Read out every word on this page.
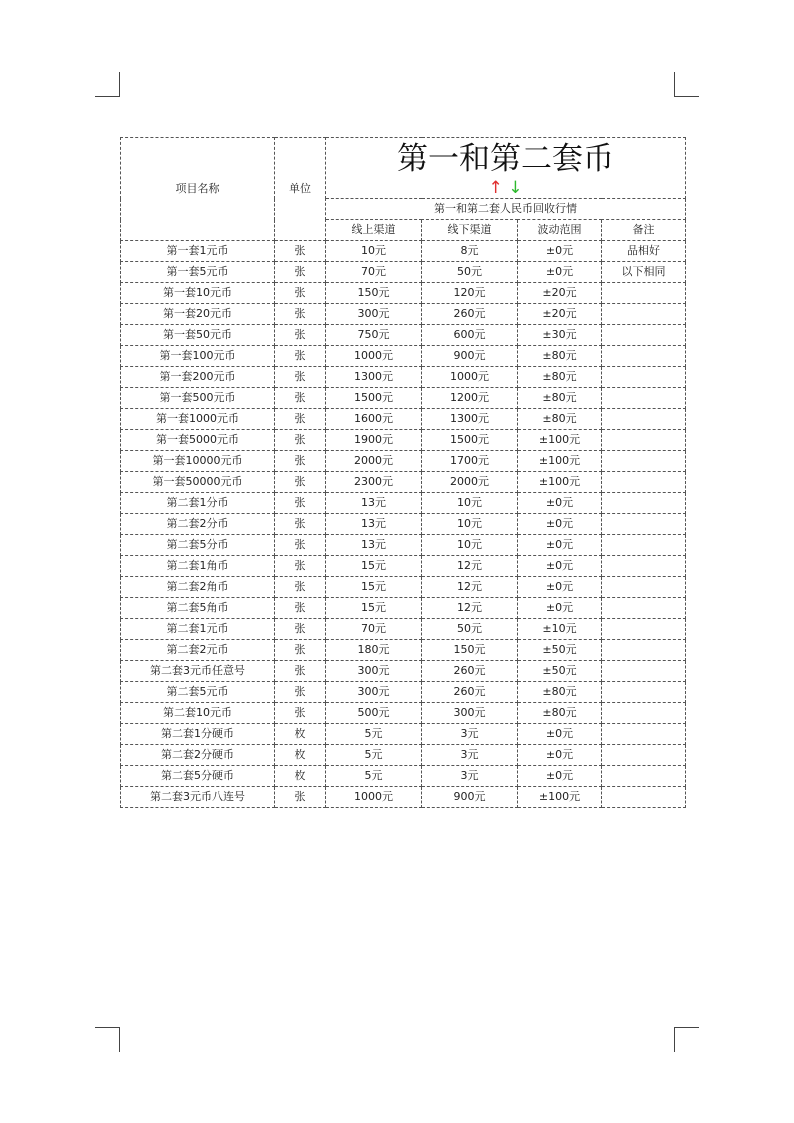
项目名称	单位	第一和第二套币
↑ ↓			

		第一和第二套人民币回收行情			
		线上渠道	线下渠道	波动范围	备注
第一套1元币	张	10元	8元	±0元	品相好
第一套5元币	张	70元	50元	±0元	以下相同
第一套10元币	张	150元	120元	±20元	
第一套20元币	张	300元	260元	±20元	
第一套50元币	张	750元	600元	±30元	
第一套100元币	张	1000元	900元	±80元	
第一套200元币	张	1300元	1000元	±80元	
第一套500元币	张	1500元	1200元	±80元	
第一套1000元币	张	1600元	1300元	±80元	
第一套5000元币	张	1900元	1500元	±100元	
第一套10000元币	张	2000元	1700元	±100元	
第一套50000元币	张	2300元	2000元	±100元	
第二套1分币	张	13元	10元	±0元	
第二套2分币	张	13元	10元	±0元	
第二套5分币	张	13元	10元	±0元	
第二套1角币	张	15元	12元	±0元	
第二套2角币	张	15元	12元	±0元	
第二套5角币	张	15元	12元	±0元	
第二套1元币	张	70元	50元	±10元	
第二套2元币	张	180元	150元	±50元	
第二套3元币任意号	张	300元	260元	±50元	
第二套5元币	张	300元	260元	±80元	
第二套10元币	张	500元	300元	±80元	
第二套1分硬币	枚	5元	3元	±0元	
第二套2分硬币	枚	5元	3元	±0元	
第二套5分硬币	枚	5元	3元	±0元	
第二套3元币八连号	张	1000元	900元	±100元	
